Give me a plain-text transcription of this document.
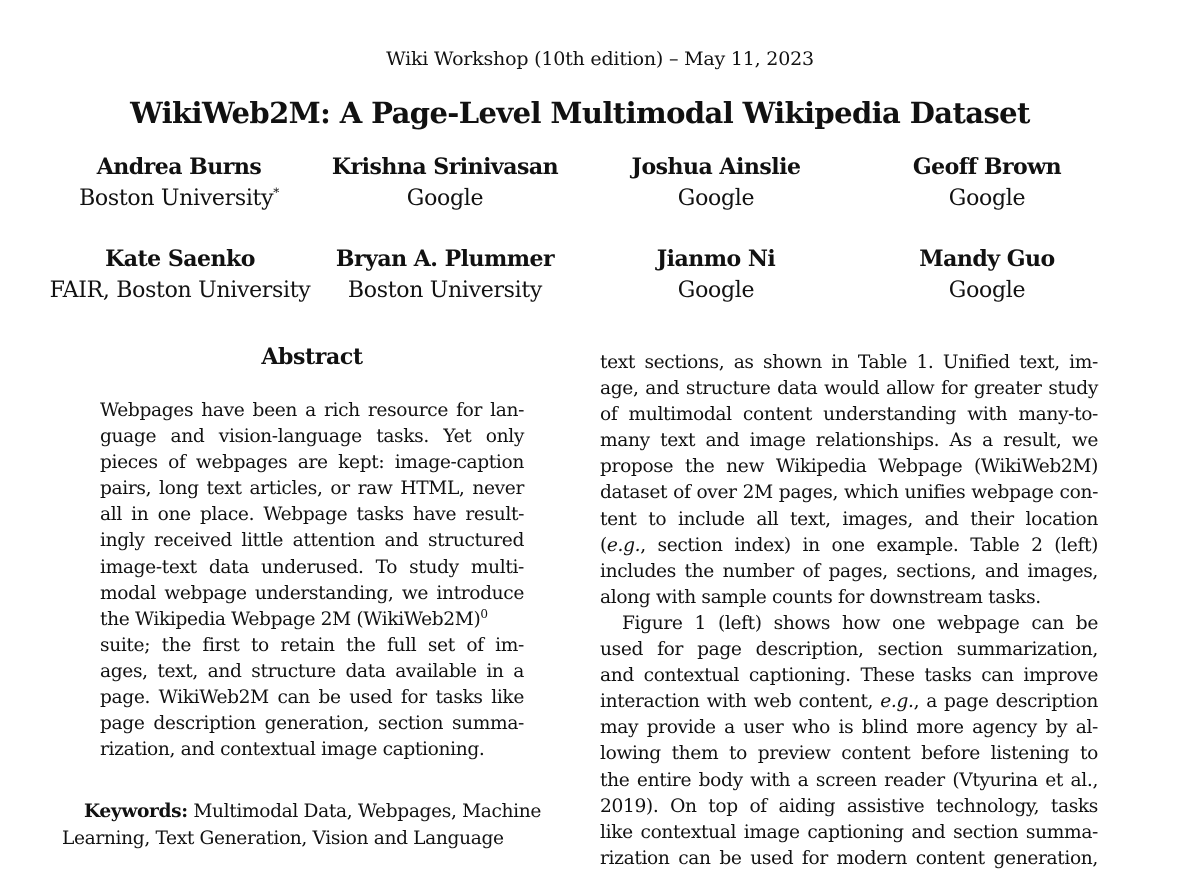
Wiki Workshop (10th edition) – May 11, 2023
WikiWeb2M: A Page-Level Multimodal Wikipedia Dataset
Andrea Burns
Boston University*
Krishna Srinivasan
Google
Joshua Ainslie
Google
Geoff Brown
Google
Kate Saenko
FAIR, Boston University
Bryan A. Plummer
Boston University
Jianmo Ni
Google
Mandy Guo
Google
Abstract
Webpages have been a rich resource for lan-
guage and vision-language tasks. Yet only
pieces of webpages are kept: image-caption
pairs, long text articles, or raw HTML, never
all in one place. Webpage tasks have result-
ingly received little attention and structured
image-text data underused. To study multi-
modal webpage understanding, we introduce
the Wikipedia Webpage 2M (WikiWeb2M)$^0$
suite; the first to retain the full set of im-
ages, text, and structure data available in a
page. WikiWeb2M can be used for tasks like
page description generation, section summa-
rization, and contextual image captioning.
Keywords: Multimodal Data, Webpages, Machine
Learning, Text Generation, Vision and Language
text sections, as shown in Table 1. Unified text, im-
age, and structure data would allow for greater study
of multimodal content understanding with many-to-
many text and image relationships. As a result, we
propose the new Wikipedia Webpage (WikiWeb2M)
dataset of over 2M pages, which unifies webpage con-
tent to include all text, images, and their location
(e.g., section index) in one example. Table 2 (left)
includes the number of pages, sections, and images,
along with sample counts for downstream tasks.
Figure 1 (left) shows how one webpage can be
used for page description, section summarization,
and contextual captioning. These tasks can improve
interaction with web content, e.g., a page description
may provide a user who is blind more agency by al-
lowing them to preview content before listening to
the entire body with a screen reader (Vtyurina et al.,
2019). On top of aiding assistive technology, tasks
like contextual image captioning and section summa-
rization can be used for modern content generation,
